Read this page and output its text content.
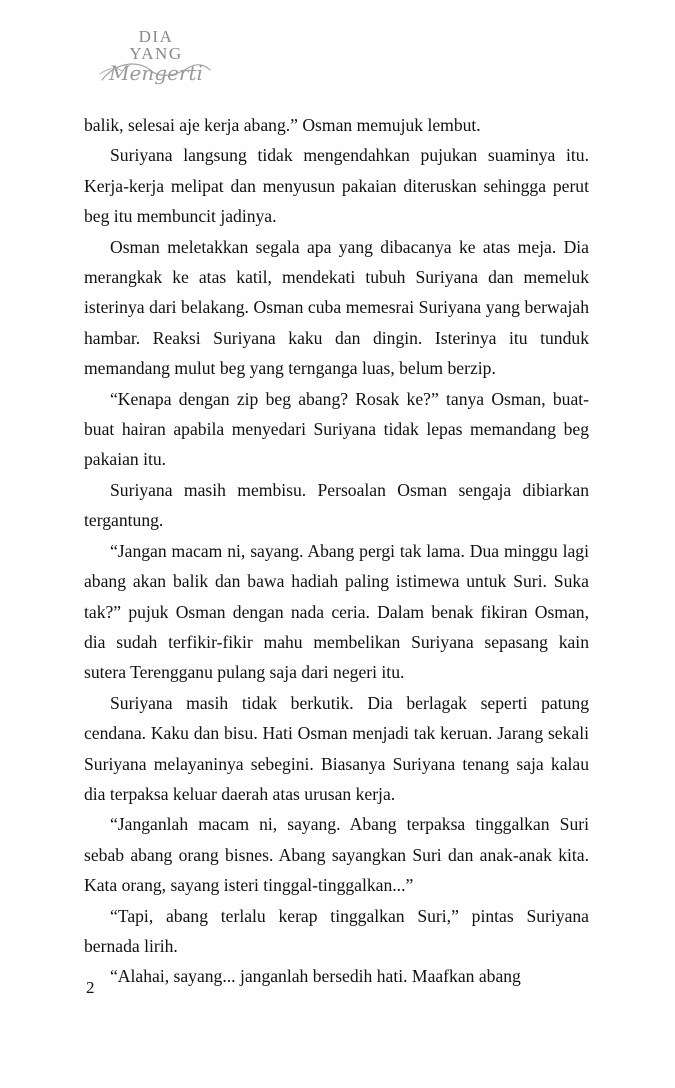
DIA
YANG
Mengerti

balik, selesai aje kerja abang.” Osman memujuk lembut.

Suriyana langsung tidak mengendahkan pujukan suaminya itu. Kerja-kerja melipat dan menyusun pakaian diteruskan sehingga perut beg itu membuncit jadinya.

Osman meletakkan segala apa yang dibacanya ke atas meja. Dia merangkak ke atas katil, mendekati tubuh Suriyana dan memeluk isterinya dari belakang. Osman cuba memesrai Suriyana yang berwajah hambar. Reaksi Suriyana kaku dan dingin. Isterinya itu tunduk memandang mulut beg yang ternganga luas, belum berzip.

“Kenapa dengan zip beg abang? Rosak ke?” tanya Osman, buat-buat hairan apabila menyedari Suriyana tidak lepas memandang beg pakaian itu.

Suriyana masih membisu. Persoalan Osman sengaja dibiarkan tergantung.

“Jangan macam ni, sayang. Abang pergi tak lama. Dua minggu lagi abang akan balik dan bawa hadiah paling istimewa untuk Suri. Suka tak?” pujuk Osman dengan nada ceria. Dalam benak fikiran Osman, dia sudah terfikir-fikir mahu membelikan Suriyana sepasang kain sutera Terengganu pulang saja dari negeri itu.

Suriyana masih tidak berkutik. Dia berlagak seperti patung cendana. Kaku dan bisu. Hati Osman menjadi tak keruan. Jarang sekali Suriyana melayaninya sebegini. Biasanya Suriyana tenang saja kalau dia terpaksa keluar daerah atas urusan kerja.

“Janganlah macam ni, sayang. Abang terpaksa tinggalkan Suri sebab abang orang bisnes. Abang sayangkan Suri dan anak-anak kita. Kata orang, sayang isteri tinggal-tinggalkan...”

“Tapi, abang terlalu kerap tinggalkan Suri,” pintas Suriyana bernada lirih.

“Alahai, sayang... janganlah bersedih hati. Maafkan abang

2
